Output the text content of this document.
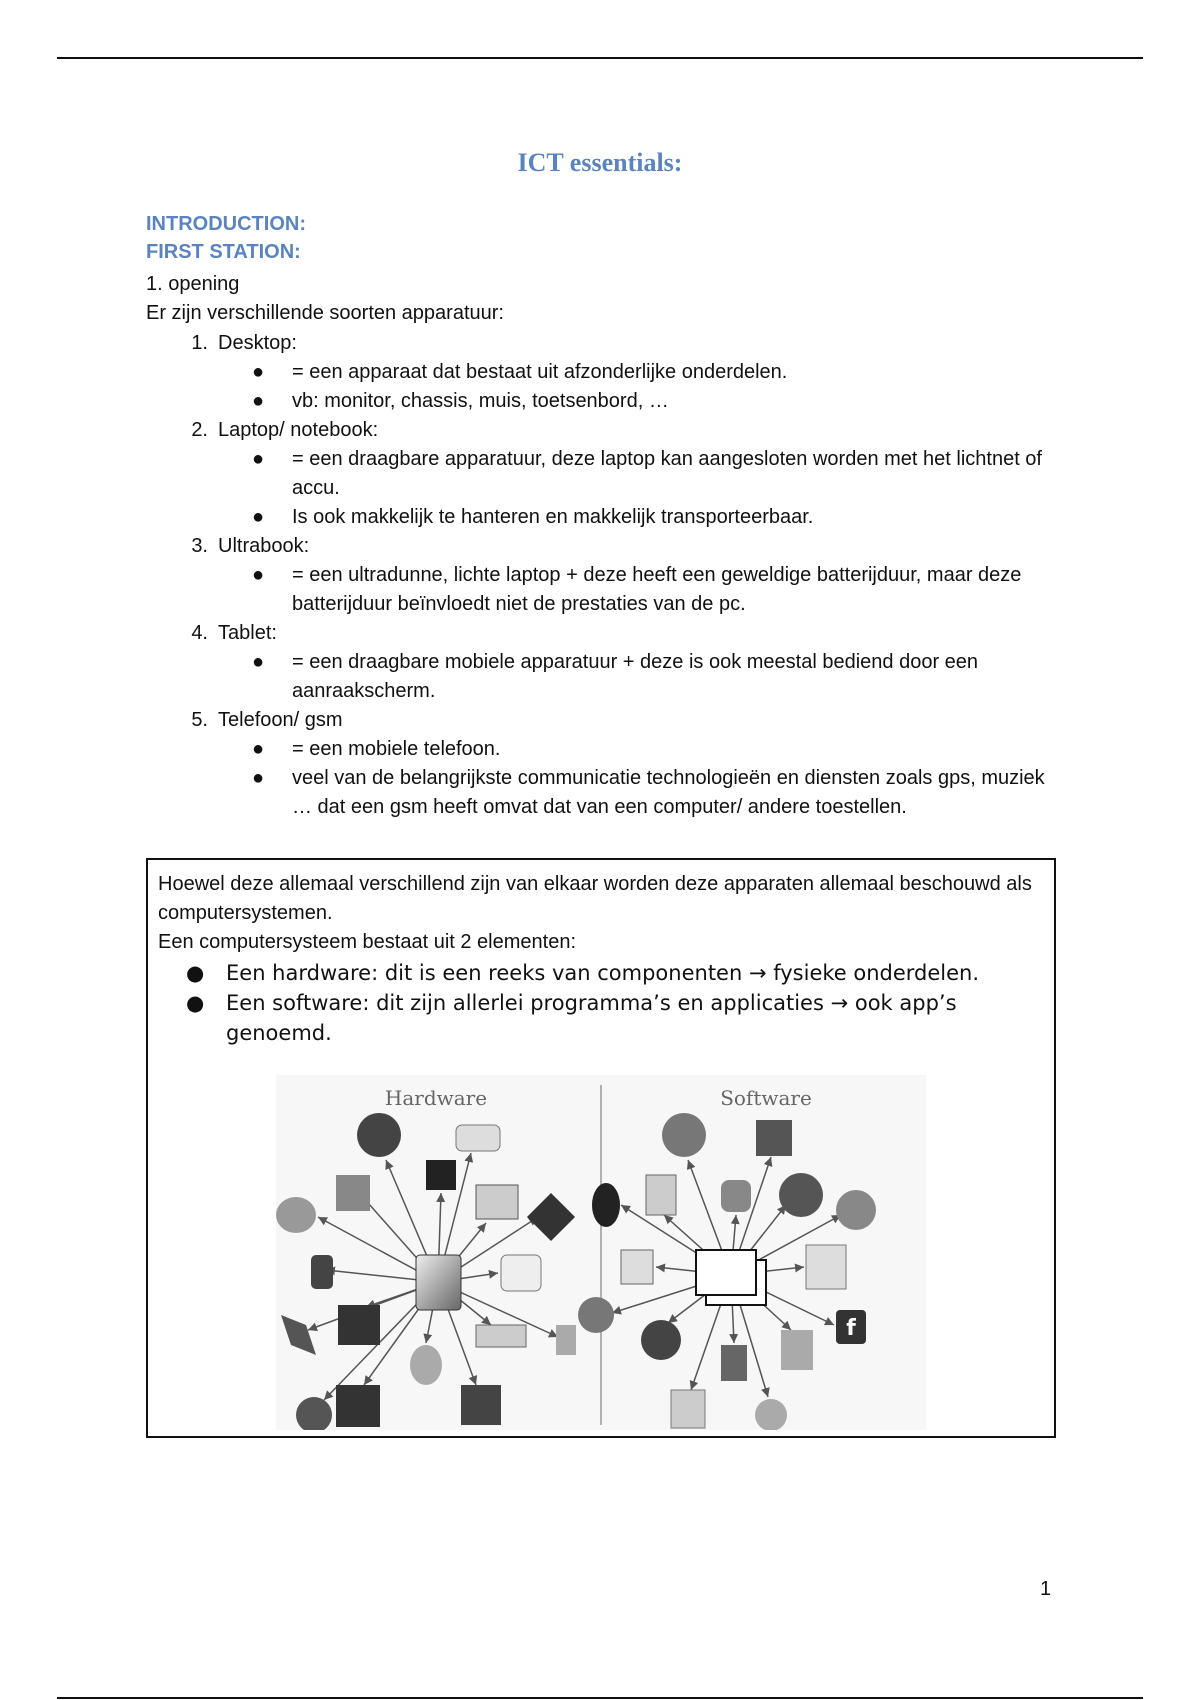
ICT essentials:
INTRODUCTION:
FIRST STATION:
1. opening
Er zijn verschillende soorten apparatuur:
1. Desktop:
●	= een apparaat dat bestaat uit afzonderlijke onderdelen.
●	vb: monitor, chassis, muis, toetsenbord, …
2. Laptop/ notebook:
●	= een draagbare apparatuur, deze laptop kan aangesloten worden met het lichtnet of accu.
●	Is ook makkelijk te hanteren en makkelijk transporteerbaar.
3. Ultrabook:
●	= een ultradunne, lichte laptop + deze heeft een geweldige batterijduur, maar deze batterijduur beïnvloedt niet de prestaties van de pc.
4. Tablet:
●	= een draagbare mobiele apparatuur + deze is ook meestal bediend door een aanraakscherm.
5. Telefoon/ gsm
●	= een mobiele telefoon.
●	veel van de belangrijkste communicatie technologieën en diensten zoals gps, muziek … dat een gsm heeft omvat dat van een computer/ andere toestellen.
Hoewel deze allemaal verschillend zijn van elkaar worden deze apparaten allemaal beschouwd als computersystemen.
Een computersysteem bestaat uit 2 elementen:
●	Een hardware: dit is een reeks van componenten → fysieke onderdelen.
●	Een software: dit zijn allerlei programma’s en applicaties → ook app’s genoemd.
Hardware	Software
f
1
